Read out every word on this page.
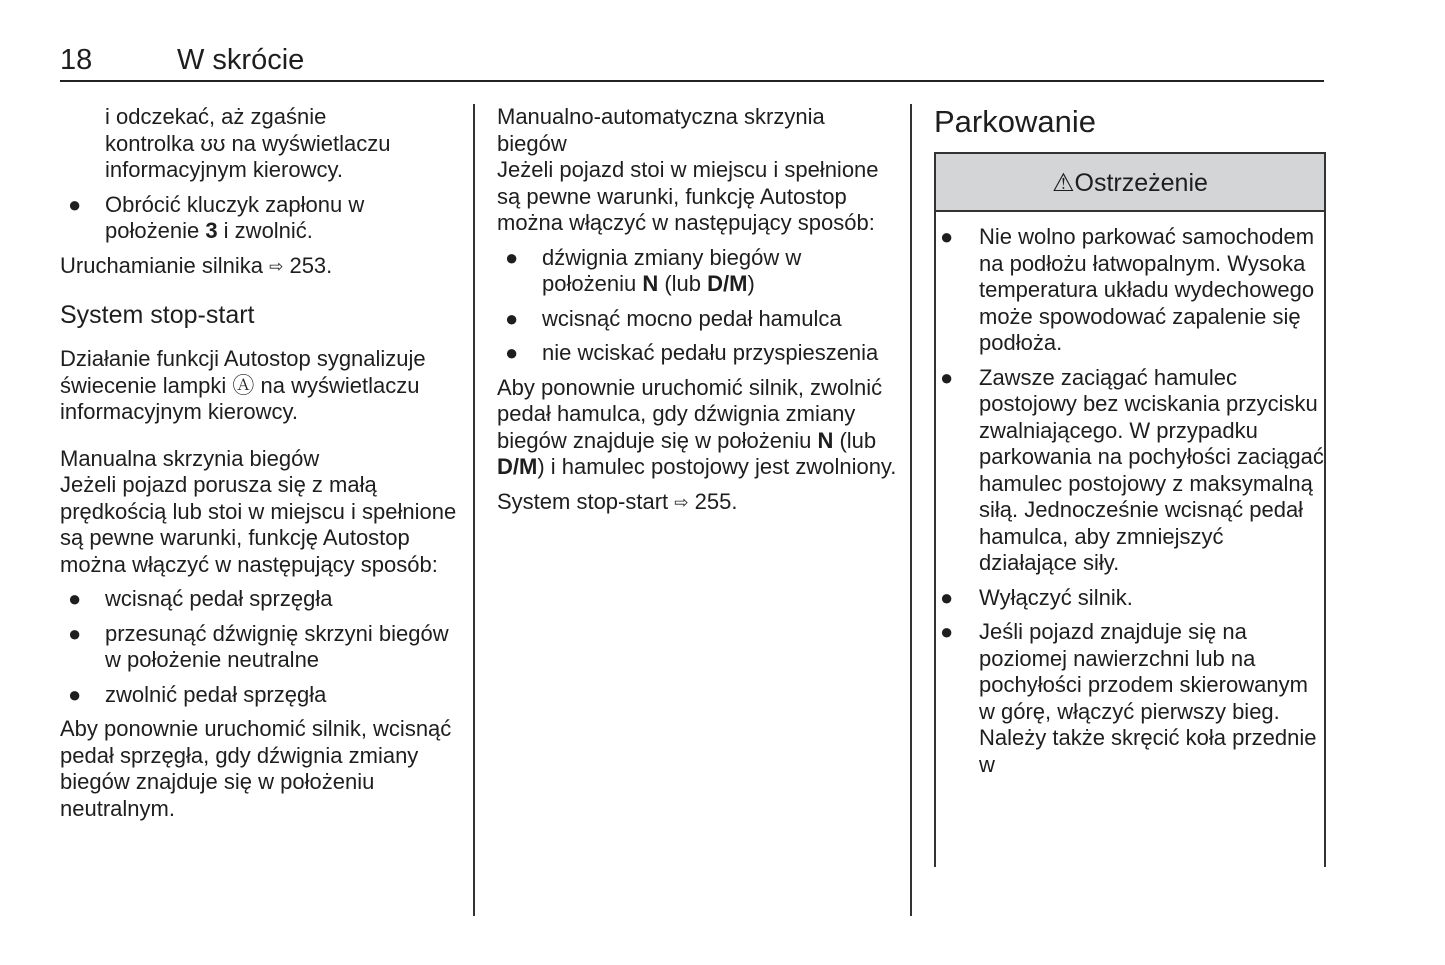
18	W skrócie

i odczekać, aż zgaśnie
kontrolka ʊʊ na wyświetlaczu
informacyjnym kierowcy.

● Obrócić kluczyk zapłonu w położenie 3 i zwolnić.

Uruchamianie silnika ⇨ 253.

System stop-start

Działanie funkcji Autostop sygnalizuje świecenie lampki Ⓐ na wyświetlaczu informacyjnym kierowcy.

Manualna skrzynia biegów

Jeżeli pojazd porusza się z małą prędkością lub stoi w miejscu i spełnione są pewne warunki, funkcję Autostop można włączyć w następujący sposób:

● wcisnąć pedał sprzęgła
● przesunąć dźwignię skrzyni biegów w położenie neutralne
● zwolnić pedał sprzęgła

Aby ponownie uruchomić silnik, wcisnąć pedał sprzęgła, gdy dźwignia zmiany biegów znajduje się w położeniu neutralnym.

Manualno-automatyczna skrzynia biegów

Jeżeli pojazd stoi w miejscu i spełnione są pewne warunki, funkcję Autostop można włączyć w następujący sposób:

● dźwignia zmiany biegów w położeniu N (lub D/M)
● wcisnąć mocno pedał hamulca
● nie wciskać pedału przyspieszenia

Aby ponownie uruchomić silnik, zwolnić pedał hamulca, gdy dźwignia zmiany biegów znajduje się w położeniu N (lub D/M) i hamulec postojowy jest zwolniony.

System stop-start ⇨ 255.

Parkowanie
⚠Ostrzeżenie
● Nie wolno parkować samochodem na podłożu łatwopalnym. Wysoka temperatura układu wydechowego może spowodować zapalenie się podłoża.
● Zawsze zaciągać hamulec postojowy bez wciskania przycisku zwalniającego. W przypadku parkowania na pochyłości zaciągać hamulec postojowy z maksymalną siłą. Jednocześnie wcisnąć pedał hamulca, aby zmniejszyć działające siły.
● Wyłączyć silnik.
● Jeśli pojazd znajduje się na poziomej nawierzchni lub na pochyłości przodem skierowanym w górę, włączyć pierwszy bieg. Należy także skręcić koła przednie w
